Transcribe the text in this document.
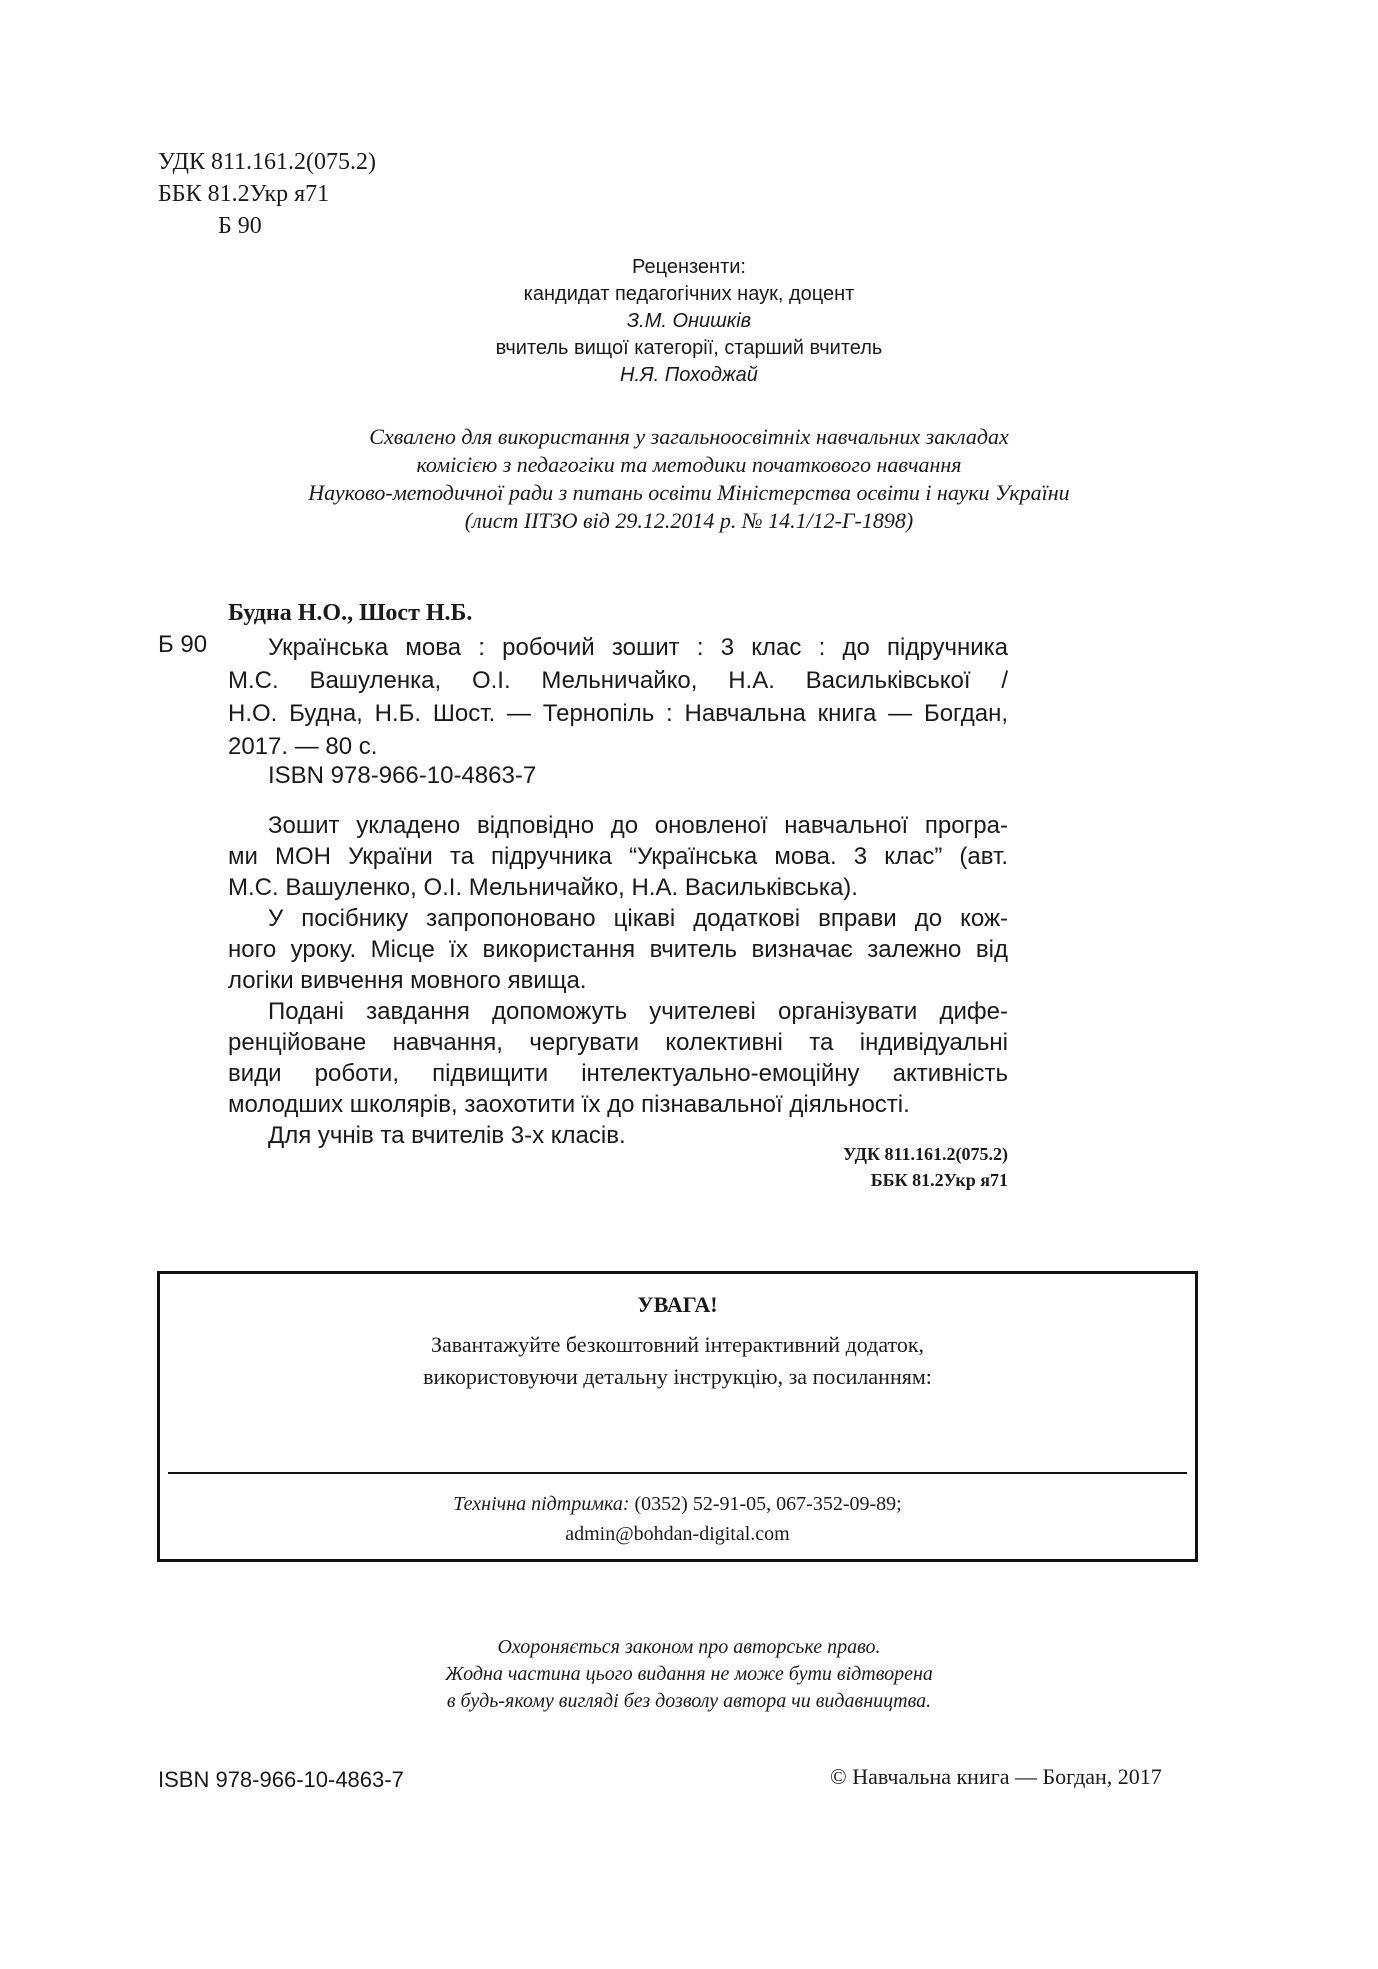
УДК 811.161.2(075.2)
ББК 81.2Укр я71
Б 90
Рецензенти:
кандидат педагогічних наук, доцент
З.М. Онишків
вчитель вищої категорії, старший вчитель
Н.Я. Походжай
Схвалено для використання у загальноосвітніх навчальних закладах
комісією з педагогіки та методики початкового навчання
Науково-методичної ради з питань освіти Міністерства освіти і науки України
(лист ІІТЗО від 29.12.2014 р. № 14.1/12-Г-1898)
Будна Н.О., Шост Н.Б.
Б 90	Українська мова : робочий зошит : 3 клас : до підручника
М.С. Вашуленка, О.І. Мельничайко, Н.А. Васильківської /
Н.О. Будна, Н.Б. Шост. — Тернопіль : Навчальна книга — Богдан,
2017. — 80 с.
ISBN 978-966-10-4863-7
Зошит укладено відповідно до оновленої навчальної програ-
ми МОН України та підручника “Українська мова. 3 клас” (авт.
М.С. Вашуленко, О.І. Мельничайко, Н.А. Васильківська).
У посібнику запропоновано цікаві додаткові вправи до кож-
ного уроку. Місце їх використання вчитель визначає залежно від
логіки вивчення мовного явища.
Подані завдання допоможуть учителеві організувати дифе-
ренційоване навчання, чергувати колективні та індивідуальні
види роботи, підвищити інтелектуально-емоційну активність
молодших школярів, заохотити їх до пізнавальної діяльності.
Для учнів та вчителів 3-х класів.
УДК 811.161.2(075.2)
ББК 81.2Укр я71
УВАГА!
Завантажуйте безкоштовний інтерактивний додаток,
використовуючи детальну інструкцію, за посиланням:
Технічна підтримка: (0352) 52-91-05, 067-352-09-89;
admin@bohdan-digital.com
Охороняється законом про авторське право.
Жодна частина цього видання не може бути відтворена
в будь-якому вигляді без дозволу автора чи видавництва.
ISBN 978-966-10-4863-7	© Навчальна книга — Богдан, 2017
